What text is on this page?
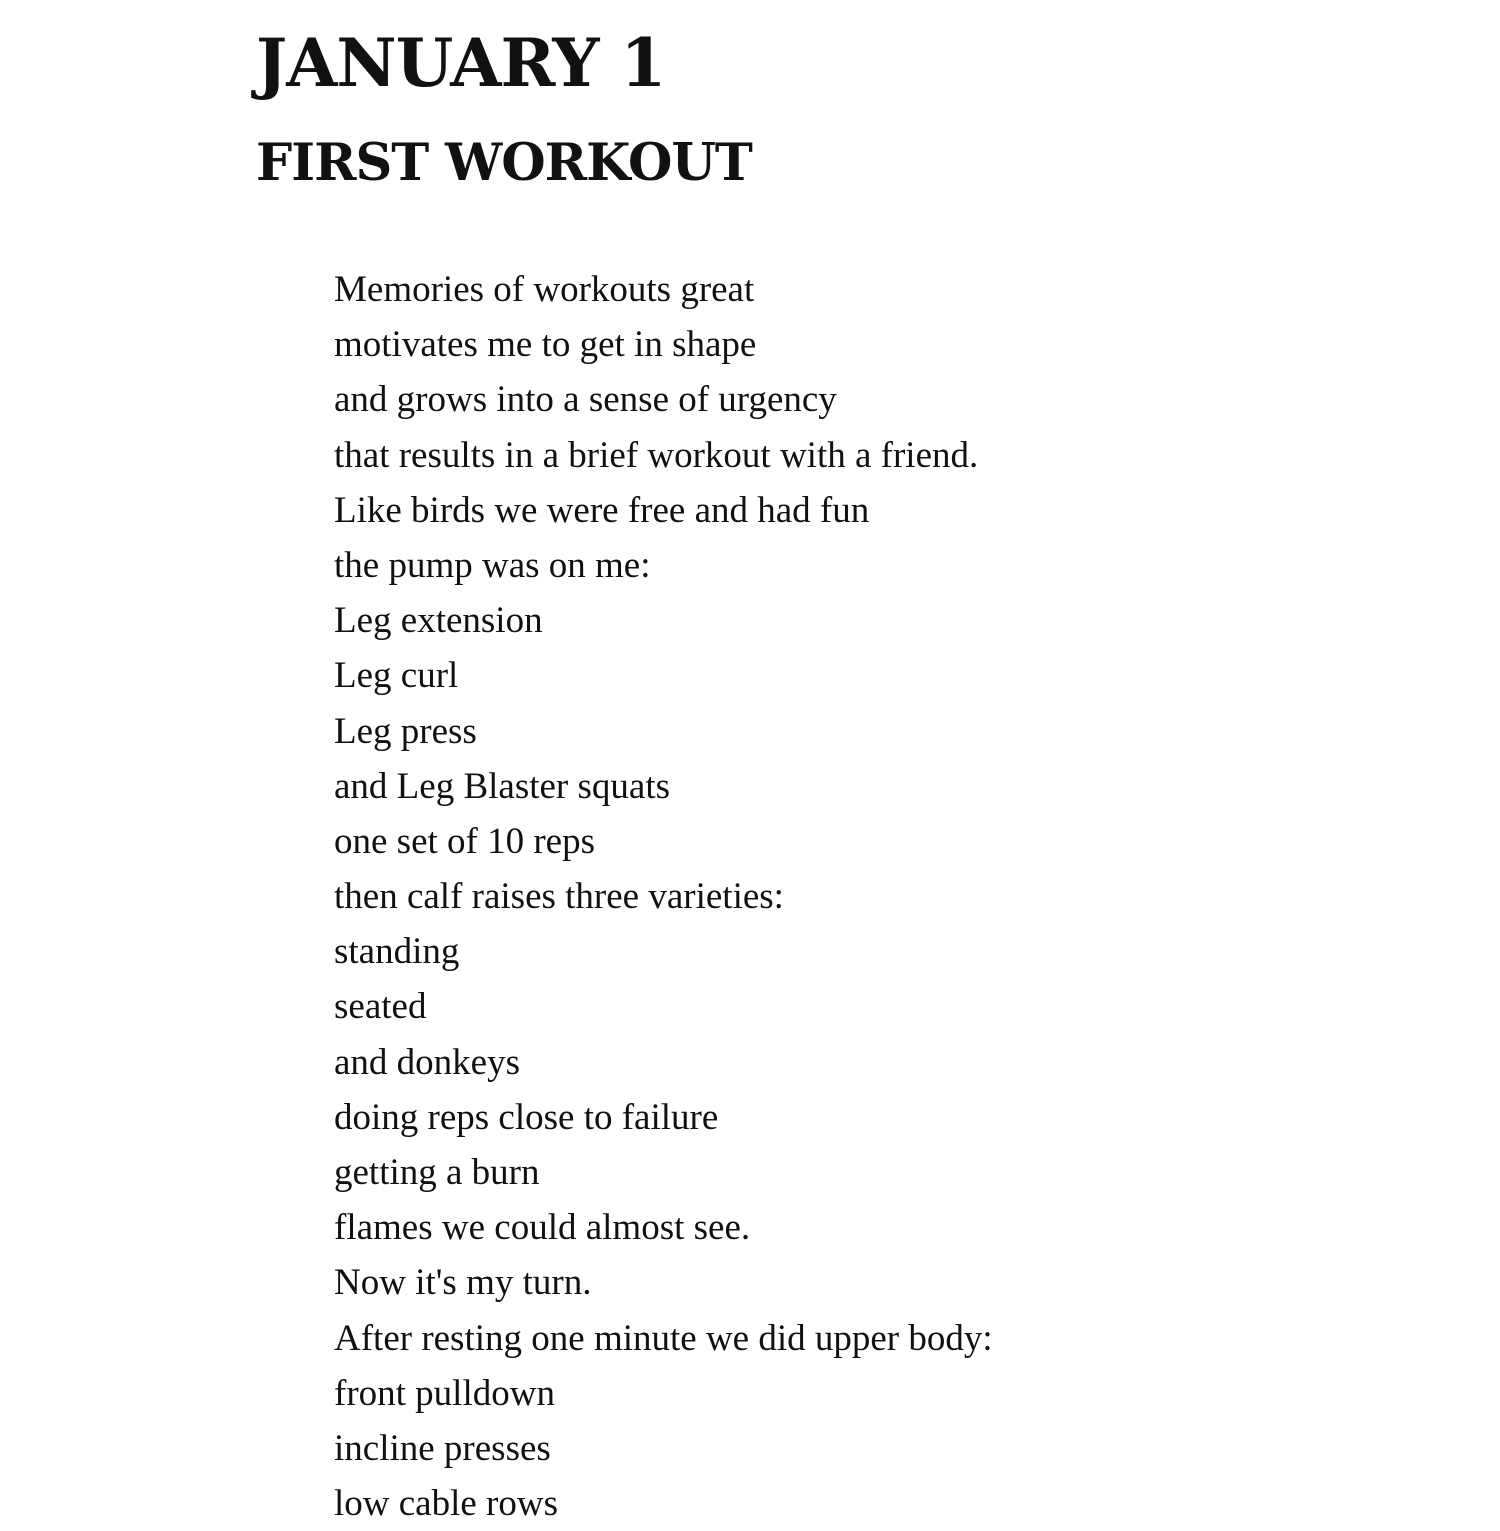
JANUARY 1
FIRST WORKOUT
Memories of workouts great
motivates me to get in shape
and grows into a sense of urgency
that results in a brief workout with a friend.
Like birds we were free and had fun
the pump was on me:
Leg extension
Leg curl
Leg press
and Leg Blaster squats
one set of 10 reps
then calf raises three varieties:
standing
seated
and donkeys
doing reps close to failure
getting a burn
flames we could almost see.
Now it's my turn.
After resting one minute we did upper body:
front pulldown
incline presses
low cable rows
